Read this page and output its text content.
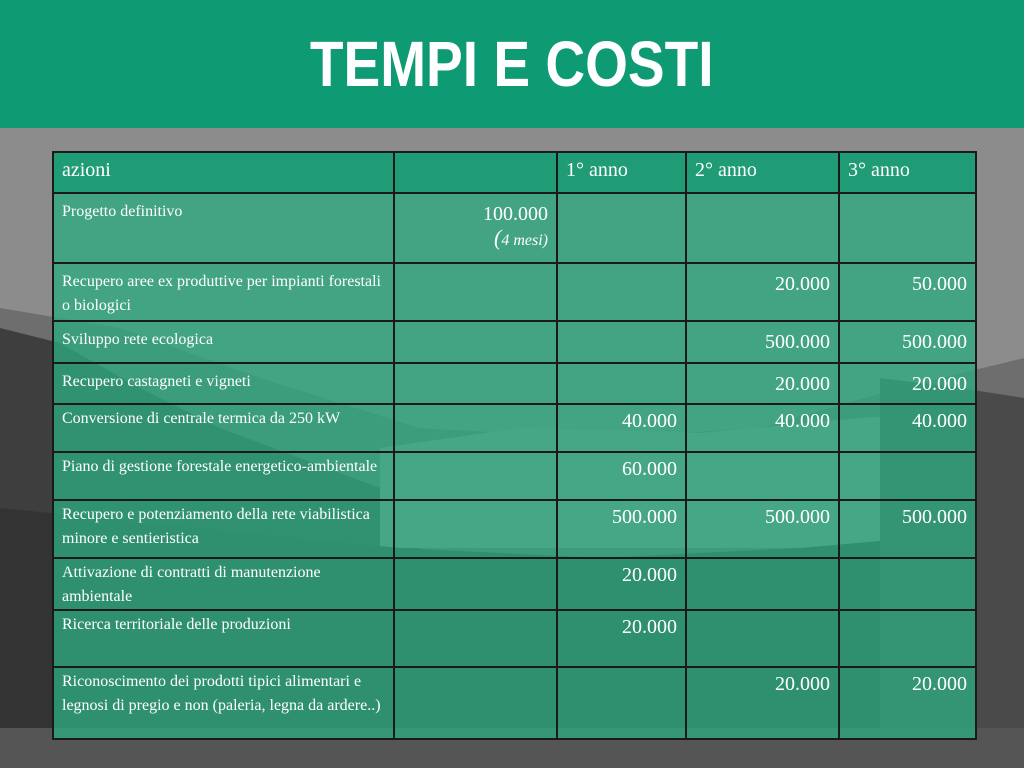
TEMPI E COSTI
azioni		1° anno	2° anno	3° anno
Progetto definitivo	100.000
(4 mesi)			

Recupero aree ex produttive per impianti forestali o biologici			20.000	50.000
Sviluppo rete ecologica			500.000	500.000
Recupero castagneti e vigneti			20.000	20.000
Conversione di centrale termica da 250 kW		40.000	40.000	40.000
Piano di gestione forestale energetico-ambientale		60.000		
Recupero e potenziamento della rete viabilistica minore e sentieristica		500.000	500.000	500.000
Attivazione di contratti di manutenzione ambientale		20.000		
Ricerca territoriale delle produzioni		20.000		
Riconoscimento dei prodotti tipici alimentari e legnosi di pregio e non (paleria, legna da ardere..)			20.000	20.000
